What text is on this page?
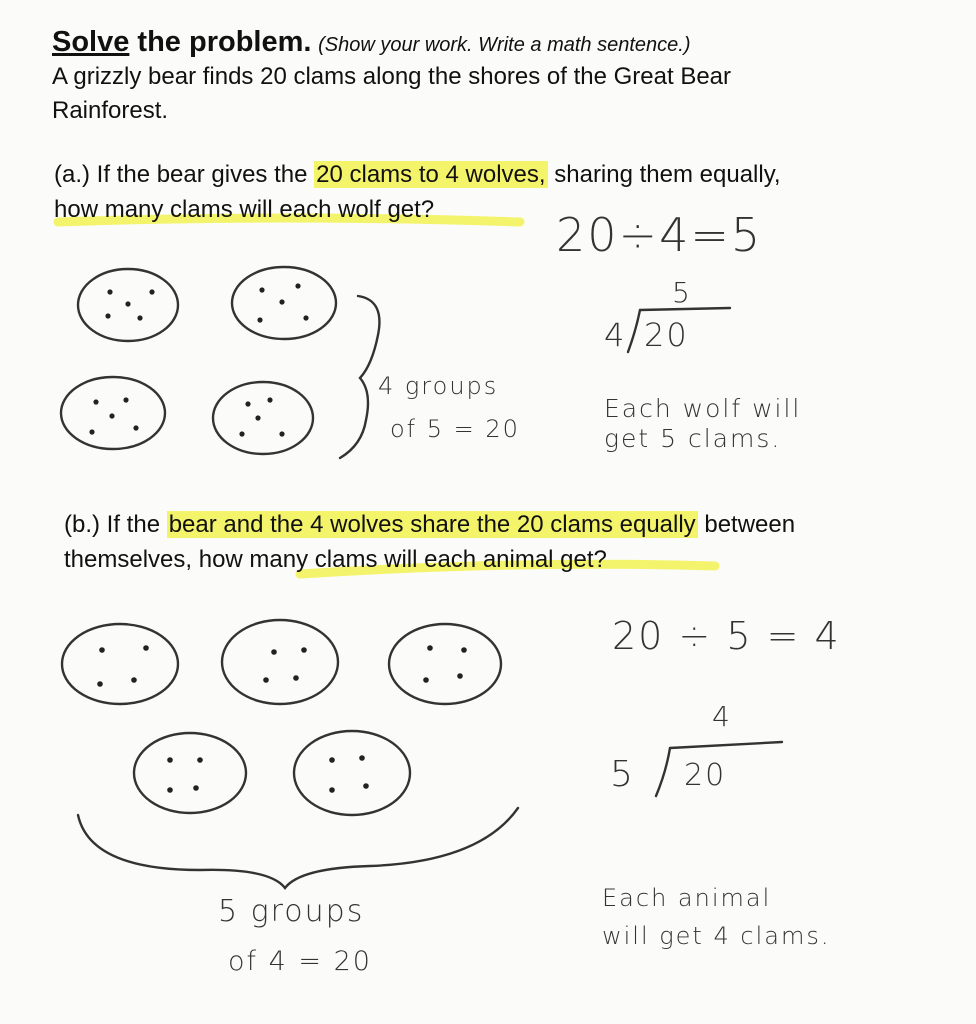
Solve the problem. (Show your work. Write a math sentence.)
A grizzly bear finds 20 clams along the shores of the Great Bear
Rainforest.
(a.) If the bear gives the 20 clams to 4 wolves, sharing them equally,
how many clams will each wolf get?
(b.) If the bear and the 4 wolves share the 20 clams equally between
themselves, how many clams will each animal get?
20÷4=5
5
4 20
4 groups
of 5 = 20
Each wolf will
get 5 clams.
20 ÷ 5 = 4
4
5 20
5 groups
of 4 = 20
Each animal
will get 4 clams.
